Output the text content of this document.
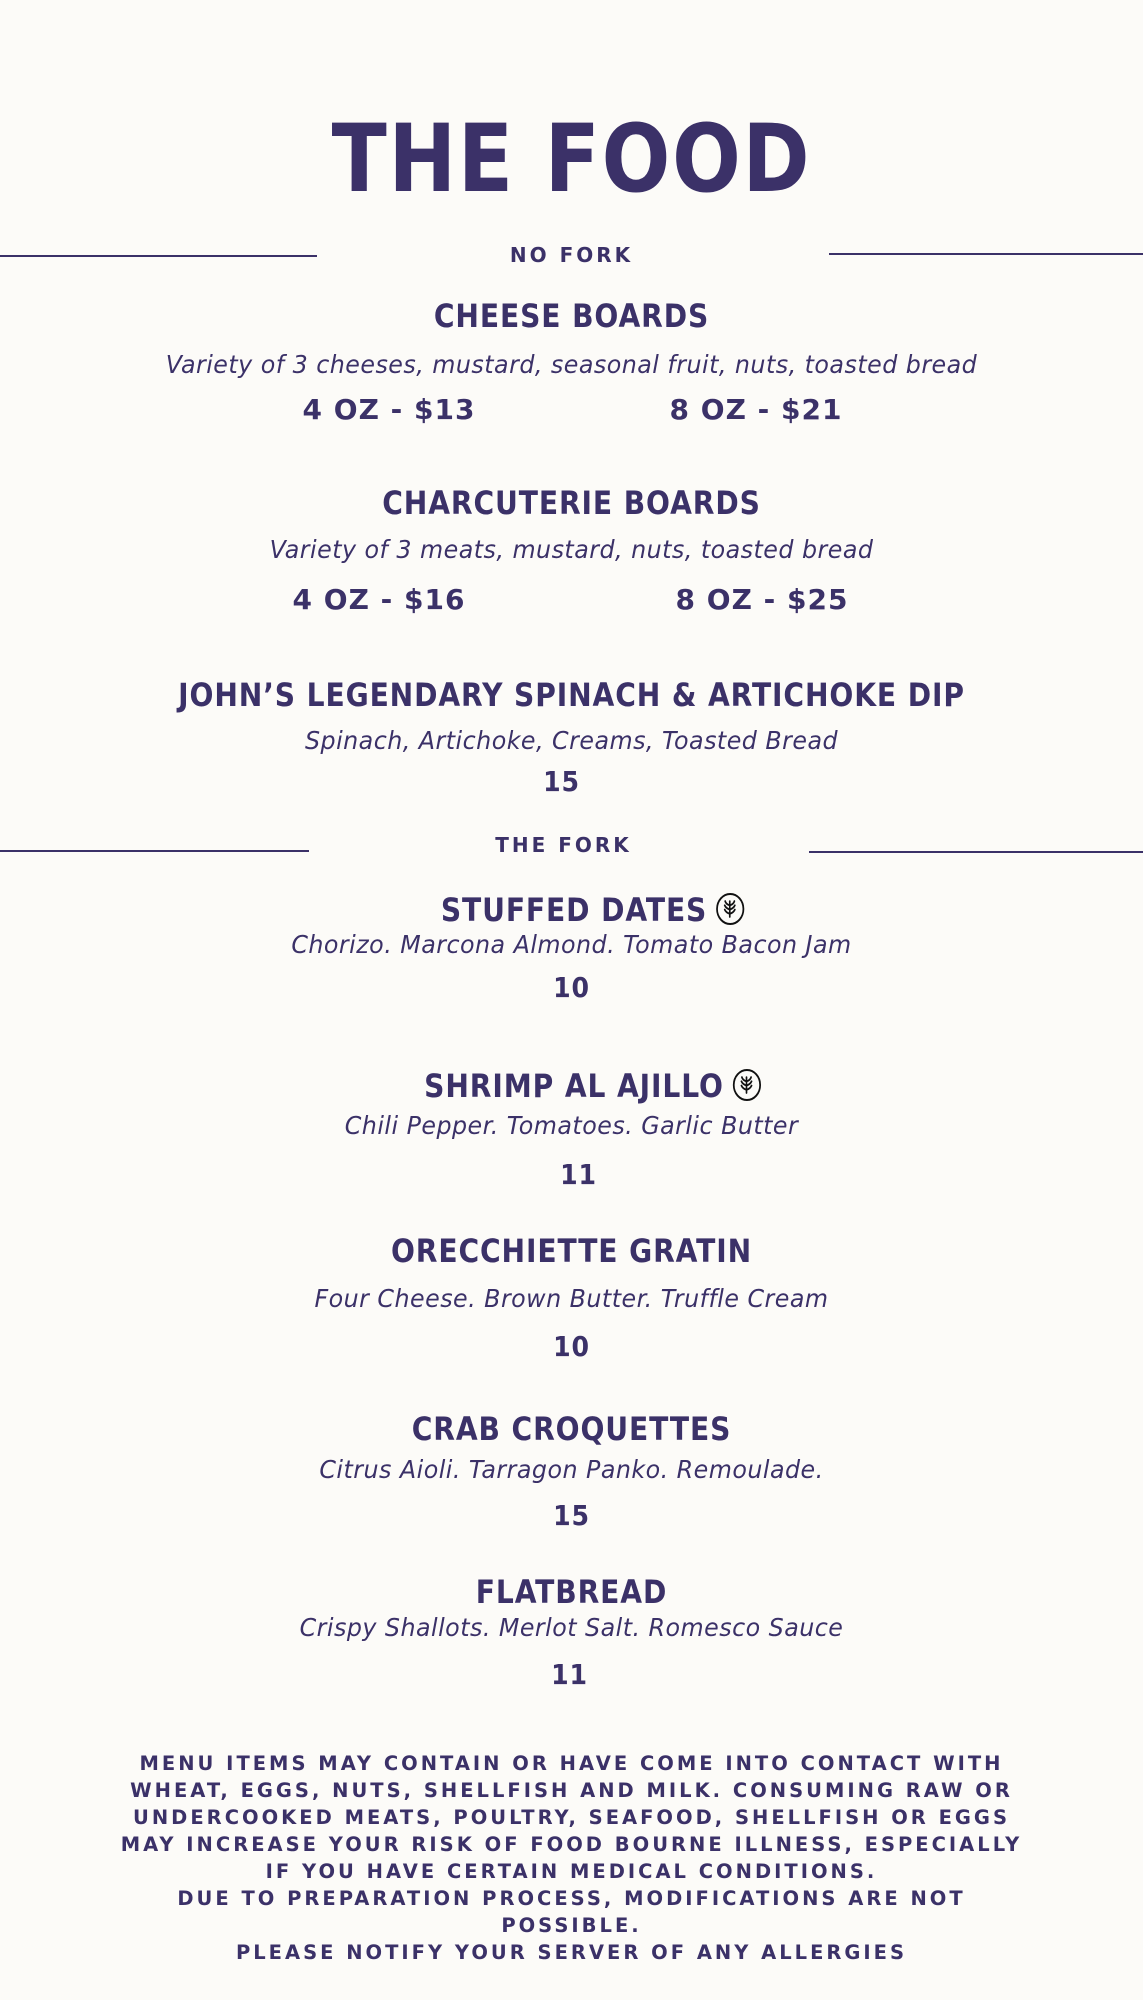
THE FOOD
NO FORK
CHEESE BOARDS
Variety of 3 cheeses, mustard, seasonal fruit, nuts, toasted bread
4 OZ - $13	8 OZ - $21
CHARCUTERIE BOARDS
Variety of 3 meats, mustard, nuts, toasted bread
4 OZ - $16	8 OZ - $25
JOHN’S LEGENDARY SPINACH & ARTICHOKE DIP
Spinach, Artichoke, Creams, Toasted Bread
15
THE FORK
STUFFED DATES
Chorizo. Marcona Almond. Tomato Bacon Jam
10
SHRIMP AL AJILLO
Chili Pepper. Tomatoes. Garlic Butter
11
ORECCHIETTE GRATIN
Four Cheese. Brown Butter. Truffle Cream
10
CRAB CROQUETTES
Citrus Aioli. Tarragon Panko. Remoulade.
15
FLATBREAD
Crispy Shallots. Merlot Salt. Romesco Sauce
11
MENU ITEMS MAY CONTAIN OR HAVE COME INTO CONTACT WITH
WHEAT, EGGS, NUTS, SHELLFISH AND MILK. CONSUMING RAW OR
UNDERCOOKED MEATS, POULTRY, SEAFOOD, SHELLFISH OR EGGS
MAY INCREASE YOUR RISK OF FOOD BOURNE ILLNESS, ESPECIALLY
IF YOU HAVE CERTAIN MEDICAL CONDITIONS.
DUE TO PREPARATION PROCESS, MODIFICATIONS ARE NOT
POSSIBLE.
PLEASE NOTIFY YOUR SERVER OF ANY ALLERGIES
